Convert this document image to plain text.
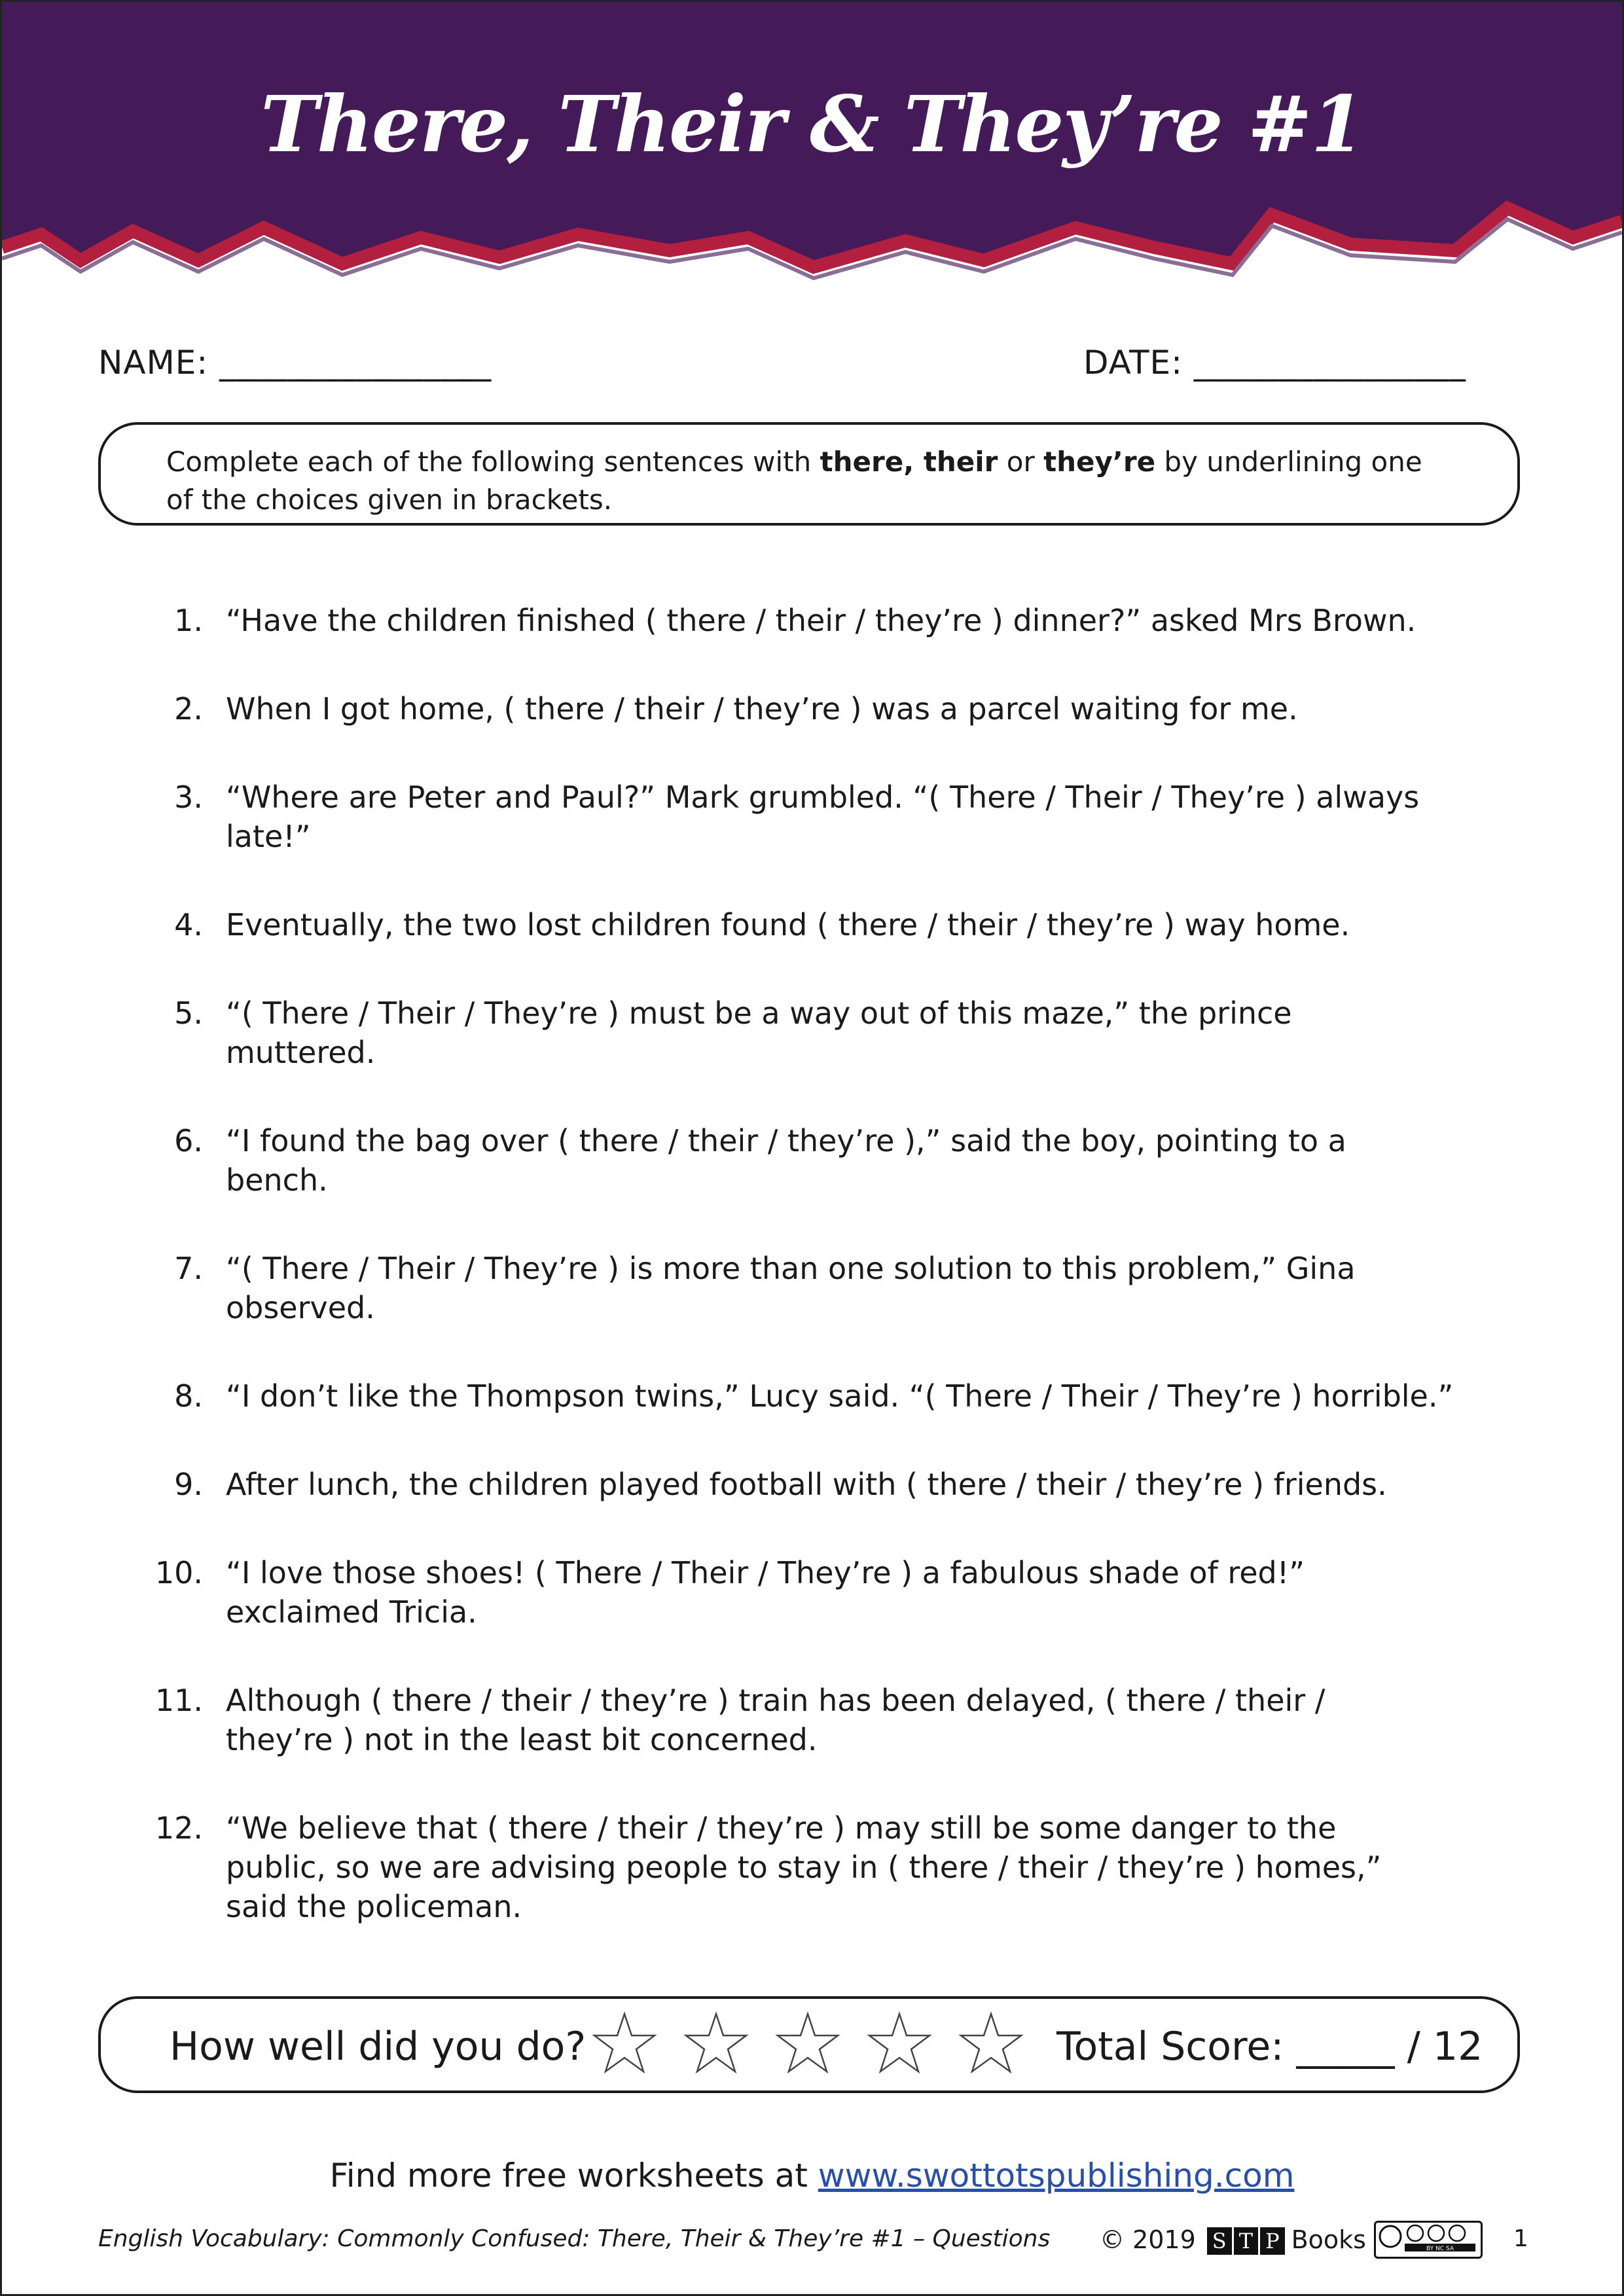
There, Their & They’re #1
NAME: ________________	DATE: ________________
Complete each of the following sentences with there, their or they’re by underlining one of the choices given in brackets.
1. “Have the children finished ( there / their / they’re ) dinner?” asked Mrs Brown.
2. When I got home, ( there / their / they’re ) was a parcel waiting for me.
3. “Where are Peter and Paul?” Mark grumbled. “( There / Their / They’re ) always
late!”
4. Eventually, the two lost children found ( there / their / they’re ) way home.
5. “( There / Their / They’re ) must be a way out of this maze,” the prince
muttered.
6. “I found the bag over ( there / their / they’re ),” said the boy, pointing to a
bench.
7. “( There / Their / They’re ) is more than one solution to this problem,” Gina
observed.
8. “I don’t like the Thompson twins,” Lucy said. “( There / Their / They’re ) horrible.”
9. After lunch, the children played football with ( there / their / they’re ) friends.
10. “I love those shoes! ( There / Their / They’re ) a fabulous shade of red!”
exclaimed Tricia.
11. Although ( there / their / they’re ) train has been delayed, ( there / their /
they’re ) not in the least bit concerned.
12. “We believe that ( there / their / they’re ) may still be some danger to the
public, so we are advising people to stay in ( there / their / they’re ) homes,”
said the policeman.
How well did you do?	Total Score: _____ / 12
Find more free worksheets at www.swottotspublishing.com
English Vocabulary: Commonly Confused: There, Their & They’re #1 – Questions © 2019 S T P Books	BY NC SA	1
